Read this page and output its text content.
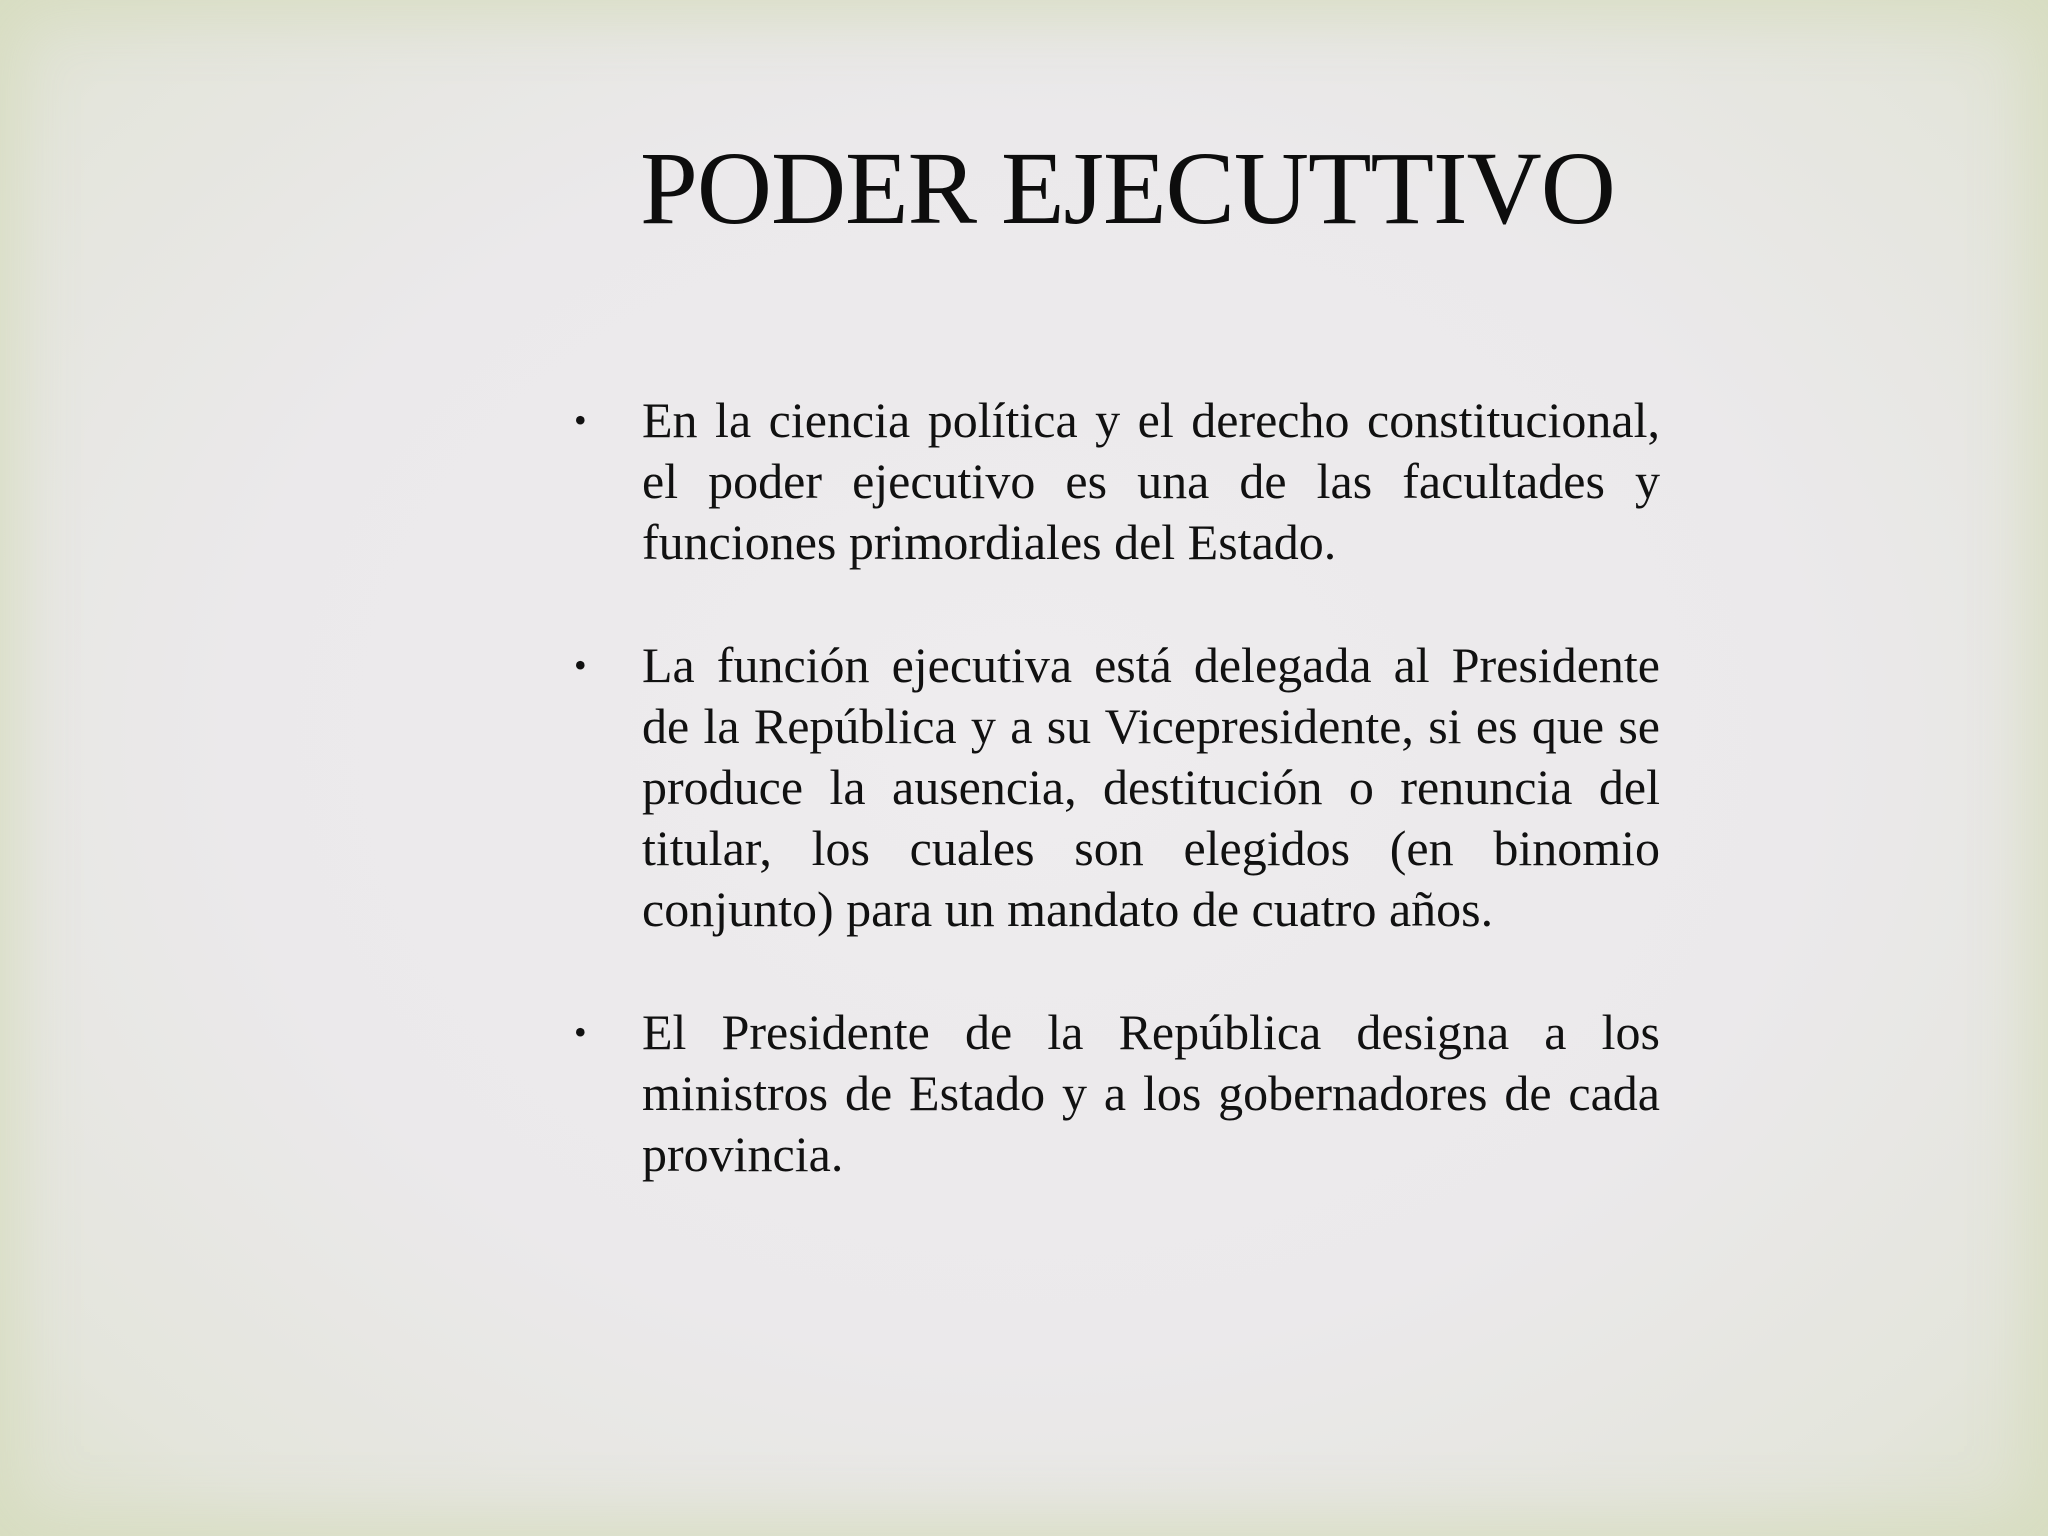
PODER EJECUTTIVO
•	En la ciencia política y el derecho constitucional, el poder ejecutivo es una de las facultades y funciones primordiales del Estado.
•	La función ejecutiva está delegada al Presidente de la República y a su Vicepresidente, si es que se produce la ausencia, destitución o renuncia del titular, los cuales son elegidos (en binomio conjunto) para un mandato de cuatro años.
•	El Presidente de la República designa a los ministros de Estado y a los gobernadores de cada provincia.
